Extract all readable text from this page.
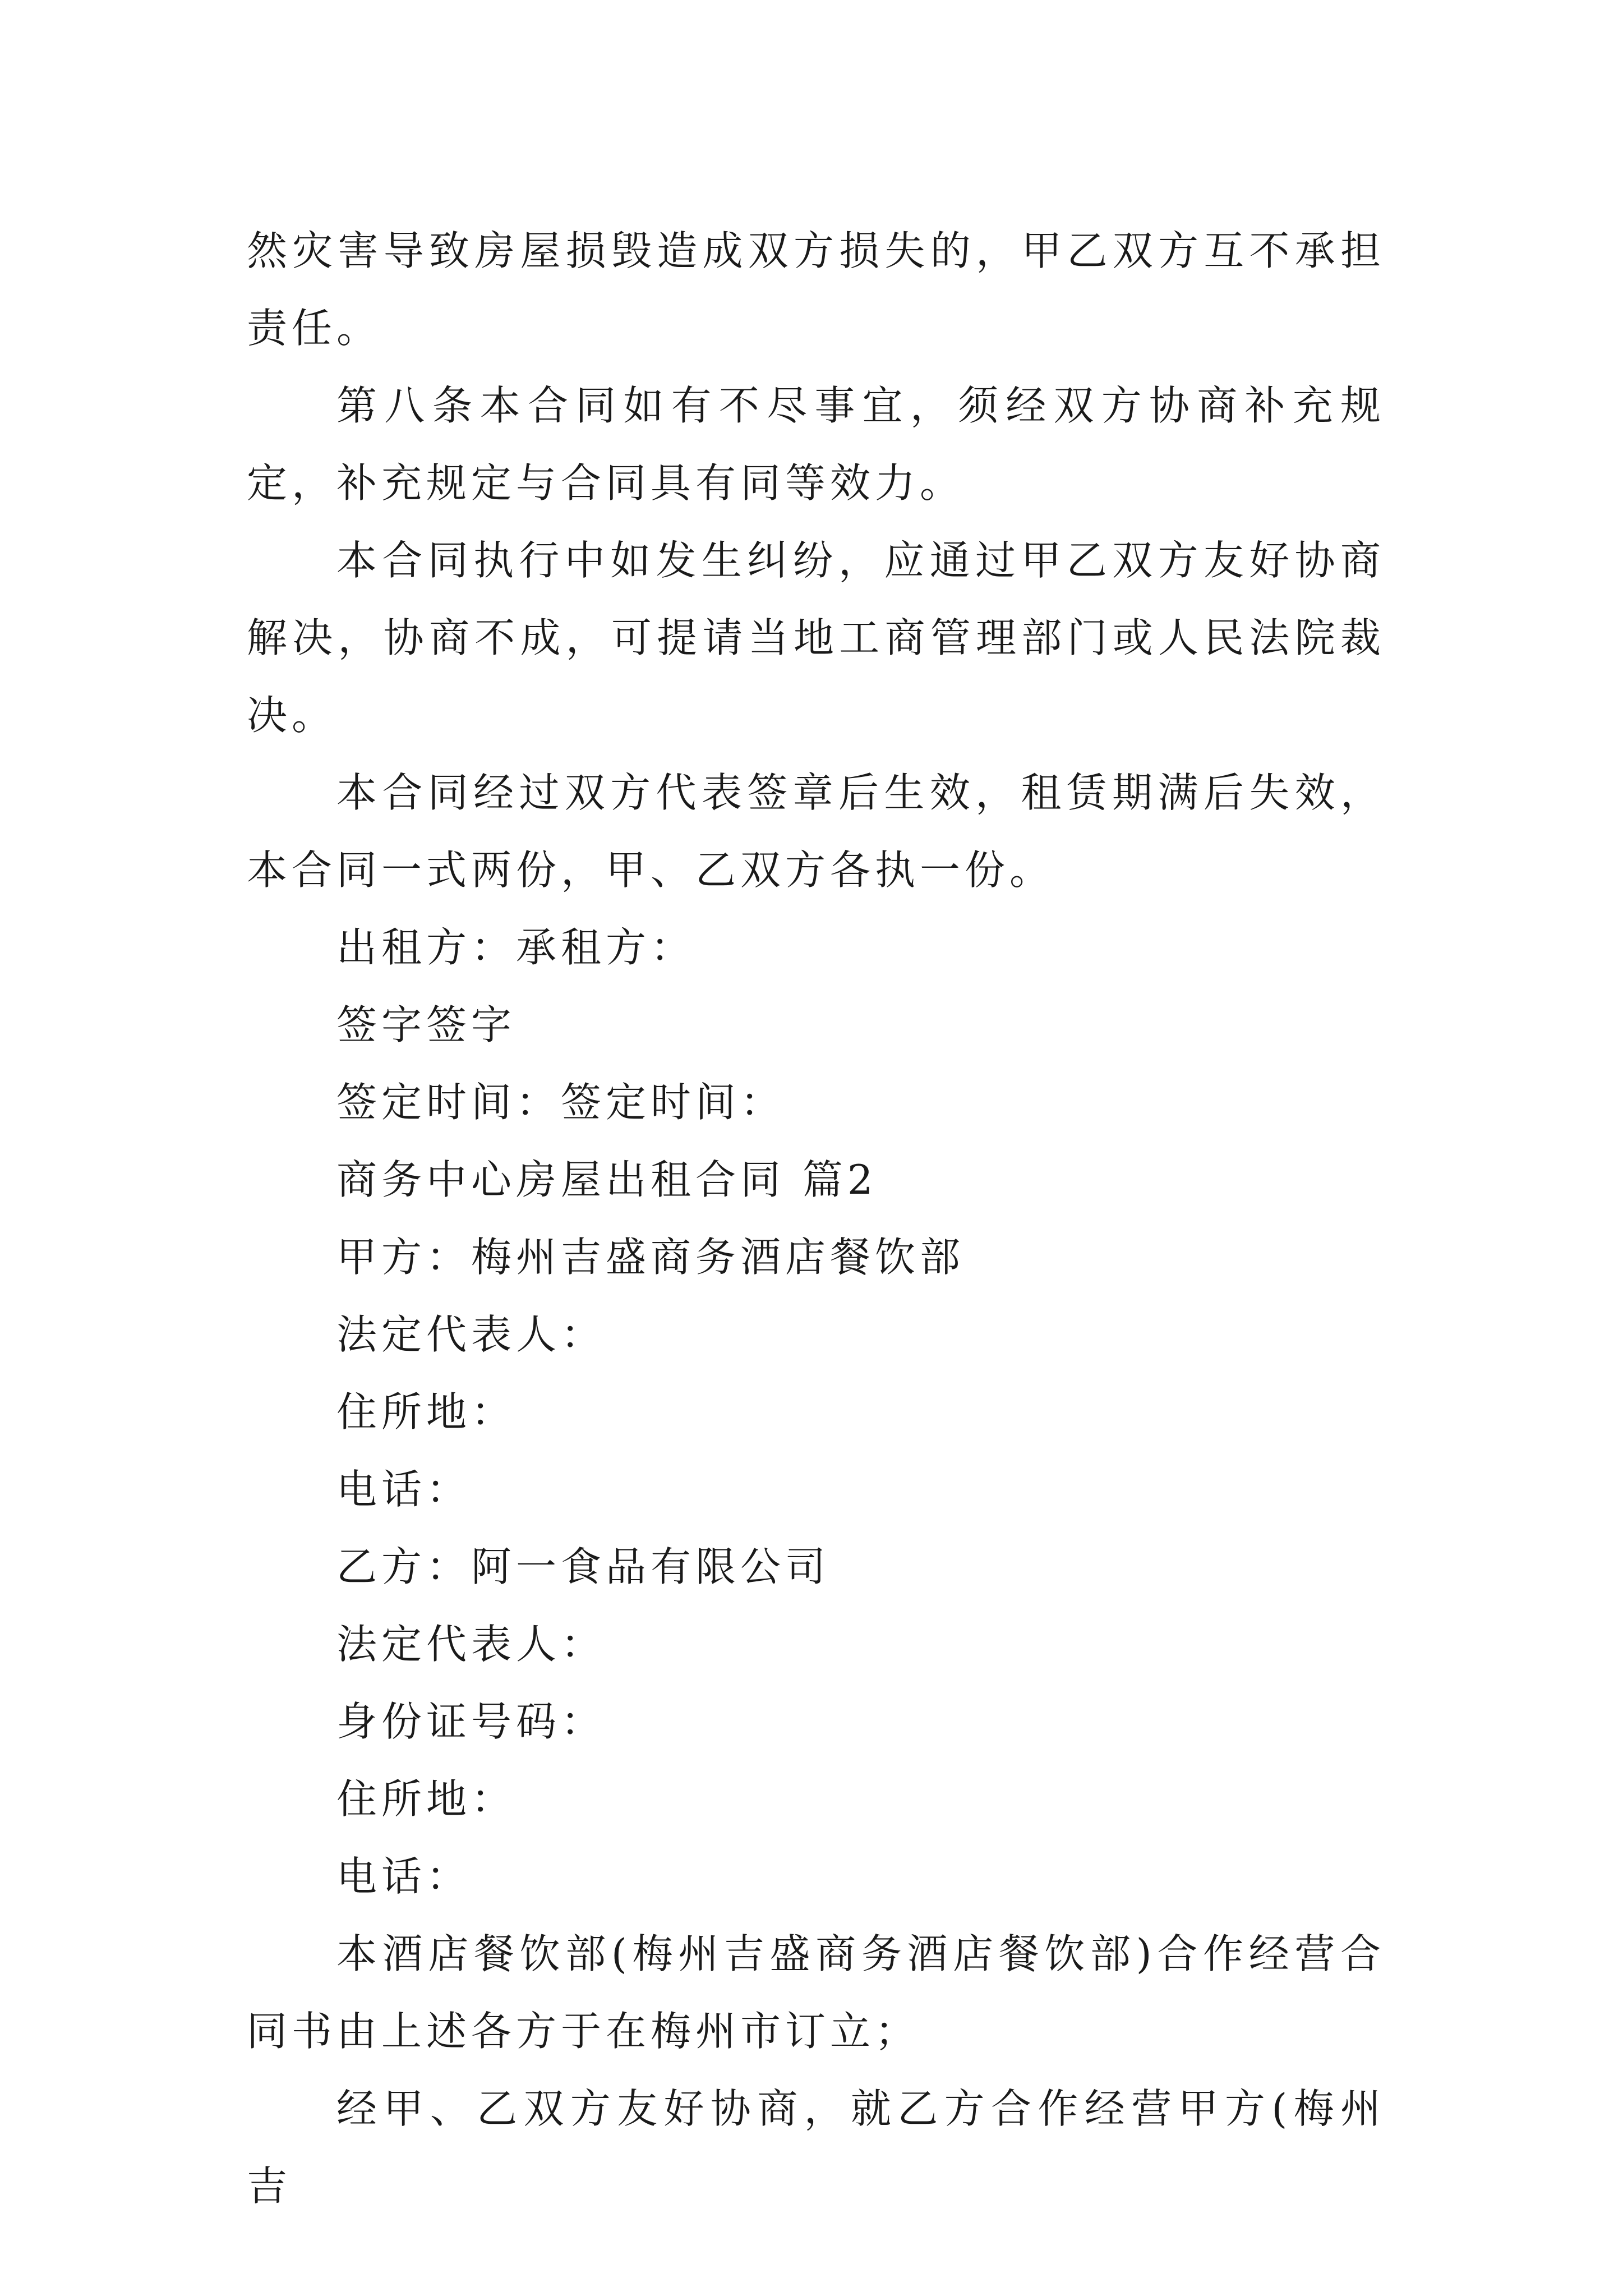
然灾害导致房屋损毁造成双方损失的，甲乙双方互不承担责任。

第八条本合同如有不尽事宜，须经双方协商补充规定，补充规定与合同具有同等效力。

本合同执行中如发生纠纷，应通过甲乙双方友好协商解决，协商不成，可提请当地工商管理部门或人民法院裁决。

本合同经过双方代表签章后生效，租赁期满后失效，本合同一式两份，甲、乙双方各执一份。

出租方：承租方：

签字签字

签定时间：签定时间：

商务中心房屋出租合同 篇2

甲方：梅州吉盛商务酒店餐饮部

法定代表人：

住所地：

电话：

乙方：阿一食品有限公司

法定代表人：

身份证号码：

住所地：

电话：

本酒店餐饮部(梅州吉盛商务酒店餐饮部)合作经营合同书由上述各方于在梅州市订立；

经甲、乙双方友好协商，就乙方合作经营甲方(梅州吉
